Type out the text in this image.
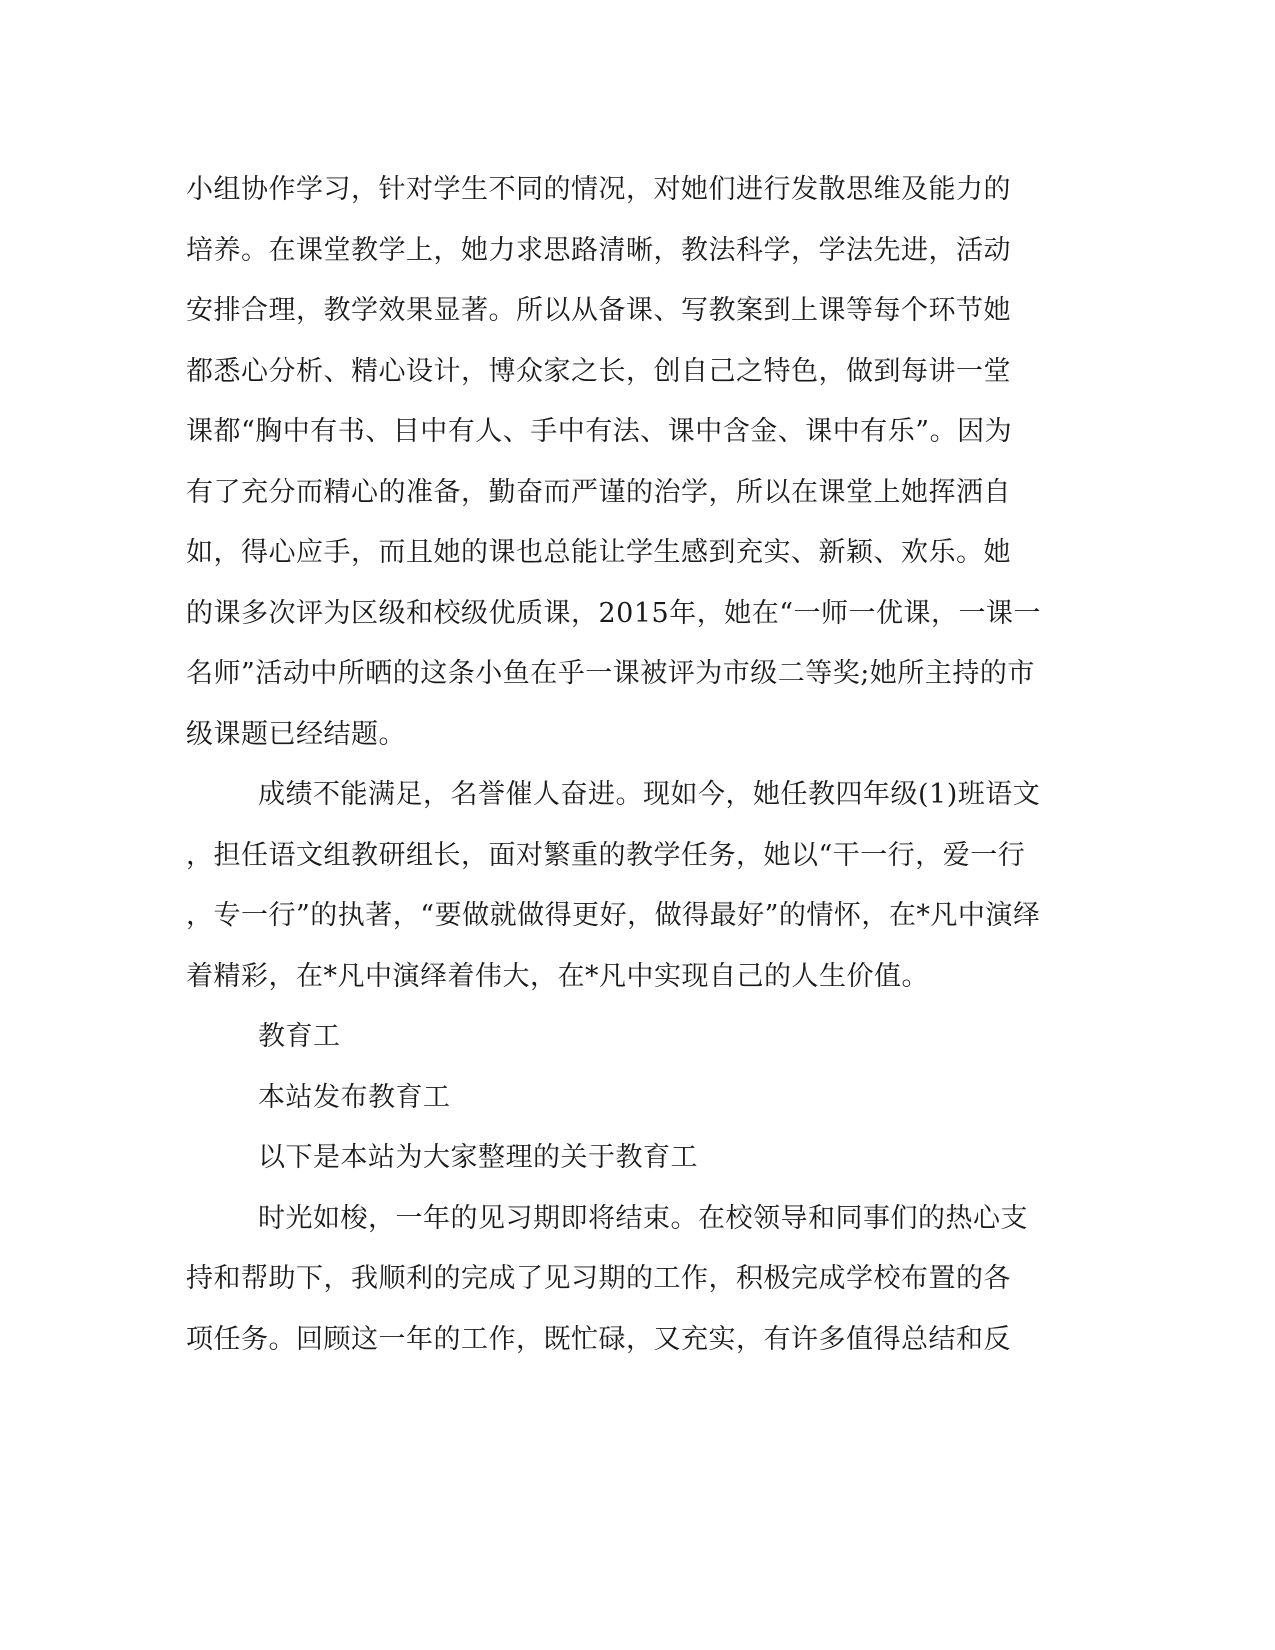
小组协作学习，针对学生不同的情况，对她们进行发散思维及能力的
培养。在课堂教学上，她力求思路清晰，教法科学，学法先进，活动
安排合理，教学效果显著。所以从备课、写教案到上课等每个环节她
都悉心分析、精心设计，博众家之长，创自己之特色，做到每讲一堂
课都“胸中有书、目中有人、手中有法、课中含金、课中有乐”。因为
有了充分而精心的准备，勤奋而严谨的治学，所以在课堂上她挥洒自
如，得心应手，而且她的课也总能让学生感到充实、新颖、欢乐。她
的课多次评为区级和校级优质课，2015年，她在“一师一优课，一课一
名师”活动中所晒的这条小鱼在乎一课被评为市级二等奖;她所主持的市
级课题已经结题。
成绩不能满足，名誉催人奋进。现如今，她任教四年级(1)班语文
，担任语文组教研组长，面对繁重的教学任务，她以“干一行，爱一行
，专一行”的执著，“要做就做得更好，做得最好”的情怀，在*凡中演绎
着精彩，在*凡中演绎着伟大，在*凡中实现自己的人生价值。
教育工
本站发布教育工
以下是本站为大家整理的关于教育工
时光如梭，一年的见习期即将结束。在校领导和同事们的热心支
持和帮助下，我顺利的完成了见习期的工作，积极完成学校布置的各
项任务。回顾这一年的工作，既忙碌，又充实，有许多值得总结和反
